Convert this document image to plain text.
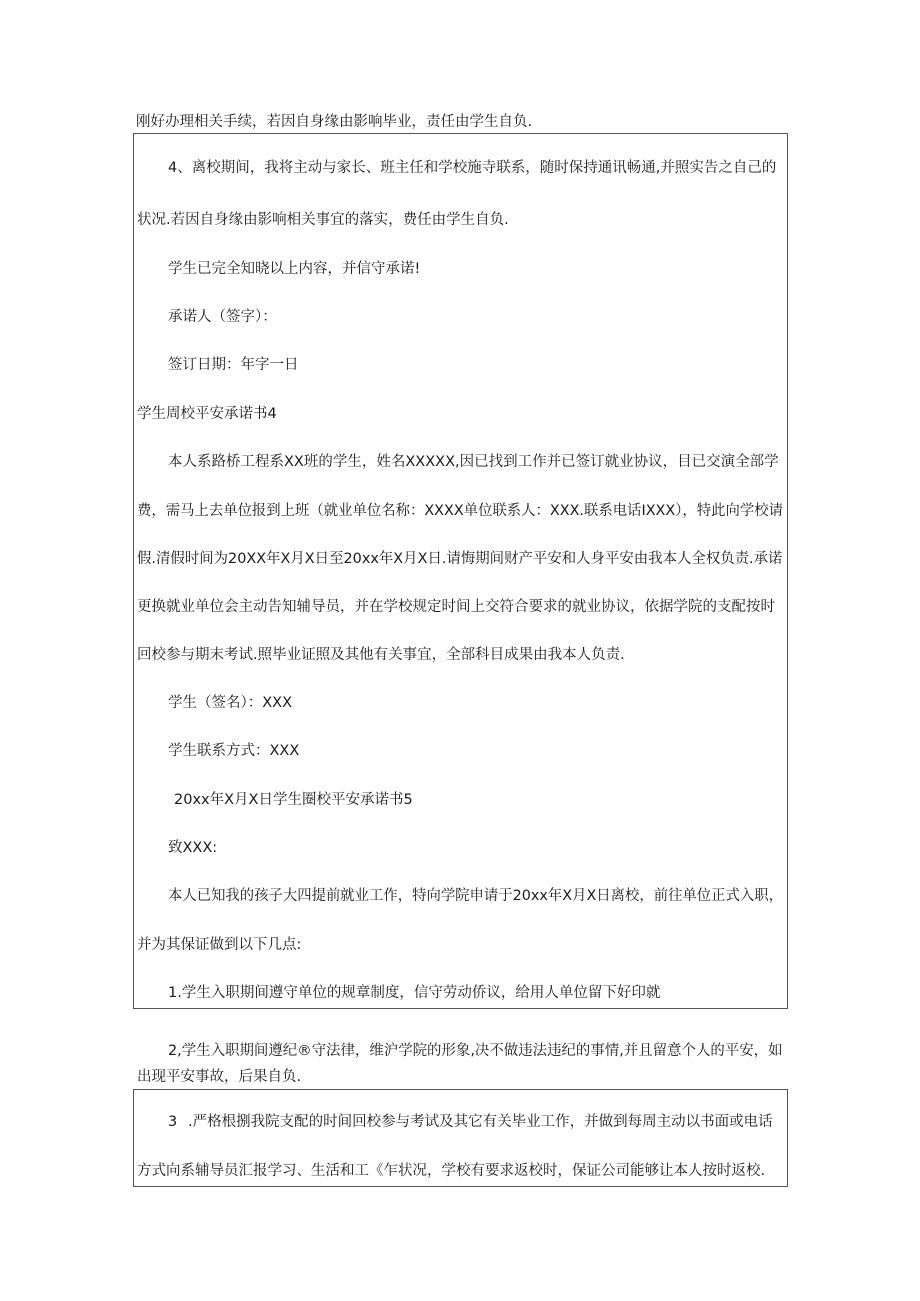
刚好办理相关手续，若因自身缘由影响毕业，责任由学生自负.
4、离校期间，我将主动与家长、班主任和学校施寺联系，随时保持通讯畅通,并照实告之自己的
状况.若因自身缘由影响相关事宜的落实，费任由学生自负.
学生已完全知晓以上内容，并信守承诺!
承诺人（签字）：
签订日期：年字一日
学生周校平安承诺书4
本人系路桥工程系XX班的学生，姓名XXXXX,因已找到工作并已签订就业协议，目已交演全部学
费，需马上去单位报到上班（就业单位名称：XXXX单位联系人：XXX.联系电话IXXX），特此向学校请
假.清假时间为20XX年X月X日至20xx年X月X日.请悔期间财产平安和人身平安由我本人全权负责.承诺
更换就业单位会主动告知辅导员，并在学校规定时间上交符合要求的就业协议，依据学院的支配按时
回校参与期末考试.照毕业证照及其他有关事宜，全部科目成果由我本人负责.
学生（签名）：XXX
学生联系方式：XXX
20xx年X月X日学生圈校平安承诺书5
致XXX:
本人已知我的孩子大四提前就业工作，特向学院申请于20xx年X月X日离校，前往单位正式入职，
并为其保证做到以下几点:
1.学生入职期间遵守单位的规章制度，信守劳动侨议，给用人单位留下好印就
2,学生入职期间遵纪®守法律，维沪学院的形象,决不做违法违纪的事情,并且留意个人的平安，如
出现平安事故，后果自负.
3 .严格根捌我院支配的时间回校参与考试及其它有关毕业工作，并做到每周主动以书面或电话
方式向系辅导员汇报学习、生活和工《乍状况，学校有要求返校时，保证公司能够让本人按时返校.
